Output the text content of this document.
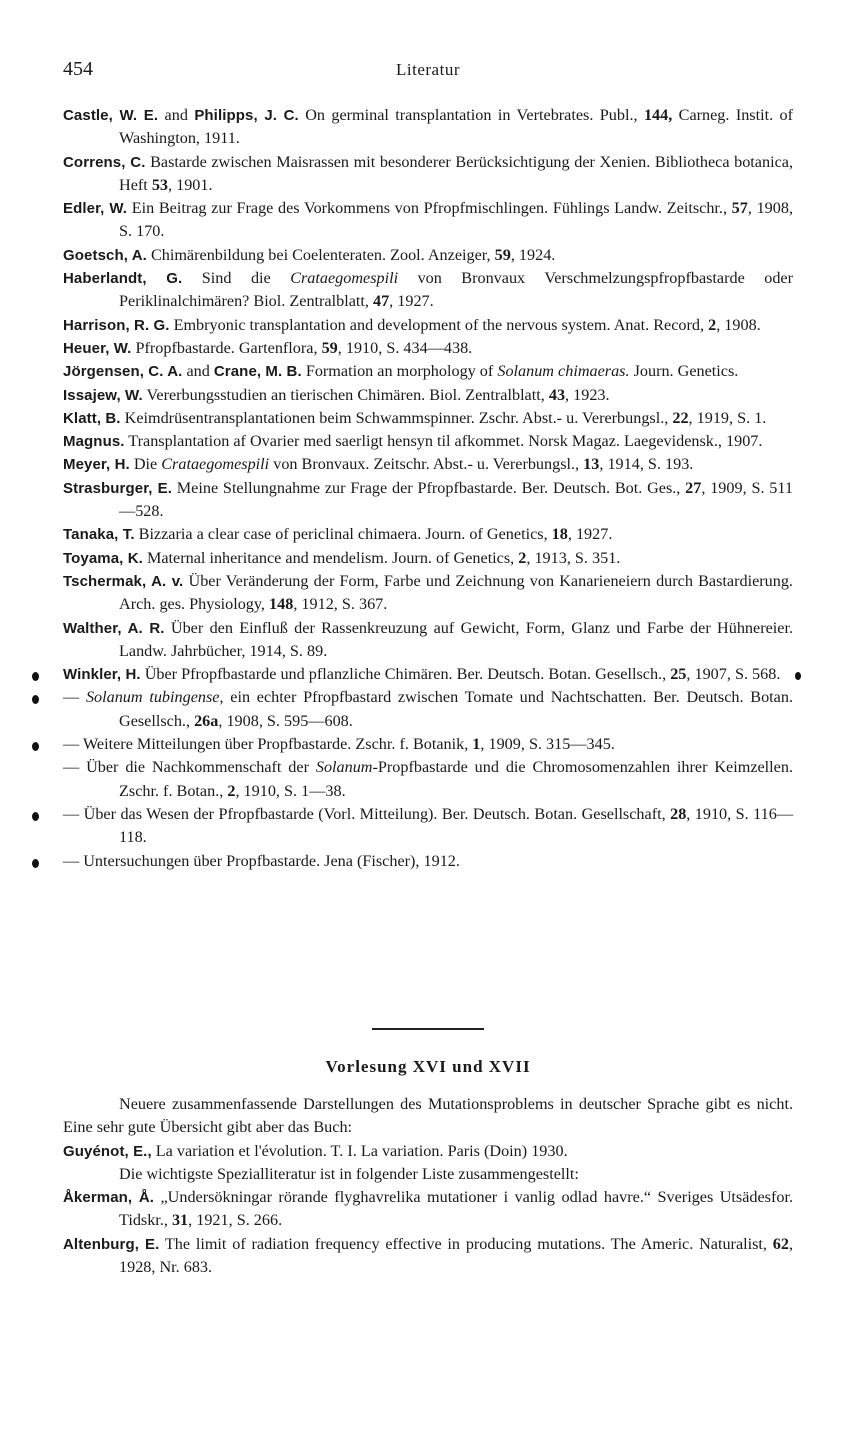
454	Literatur
Castle, W. E. and Philipps, J. C. On germinal transplantation in Vertebrates. Publ., 144, Carneg. Instit. of Washington, 1911.
Correns, C. Bastarde zwischen Maisrassen mit besonderer Berücksichtigung der Xenien. Bibliotheca botanica, Heft 53, 1901.
Edler, W. Ein Beitrag zur Frage des Vorkommens von Pfropfmischlingen. Fühlings Landw. Zeitschr., 57, 1908, S. 170.
Goetsch, A. Chimärenbildung bei Coelenteraten. Zool. Anzeiger, 59, 1924.
Haberlandt, G. Sind die Crataegomespili von Bronvaux Verschmelzungspfropfbastarde oder Periklinalchimären? Biol. Zentralblatt, 47, 1927.
Harrison, R. G. Embryonic transplantation and development of the nervous system. Anat. Record, 2, 1908.
Heuer, W. Pfropfbastarde. Gartenflora, 59, 1910, S. 434—438.
Jörgensen, C. A. and Crane, M. B. Formation an morphology of Solanum chimaeras. Journ. Genetics.
Issajew, W. Vererbungsstudien an tierischen Chimären. Biol. Zentralblatt, 43, 1923.
Klatt, B. Keimdrüsentransplantationen beim Schwammspinner. Zschr. Abst.- u. Vererbungsl., 22, 1919, S. 1.
Magnus. Transplantation af Ovarier med saerligt hensyn til afkommet. Norsk Magaz. Laegevidensk., 1907.
Meyer, H. Die Crataegomespili von Bronvaux. Zeitschr. Abst.- u. Vererbungsl., 13, 1914, S. 193.
Strasburger, E. Meine Stellungnahme zur Frage der Pfropfbastarde. Ber. Deutsch. Bot. Ges., 27, 1909, S. 511—528.
Tanaka, T. Bizzaria a clear case of periclinal chimaera. Journ. of Genetics, 18, 1927.
Toyama, K. Maternal inheritance and mendelism. Journ. of Genetics, 2, 1913, S. 351.
Tschermak, A. v. Über Veränderung der Form, Farbe und Zeichnung von Kanarieneiern durch Bastardierung. Arch. ges. Physiology, 148, 1912, S. 367.
Walther, A. R. Über den Einfluß der Rassenkreuzung auf Gewicht, Form, Glanz und Farbe der Hühnereier. Landw. Jahrbücher, 1914, S. 89.
Winkler, H. Über Pfropfbastarde und pflanzliche Chimären. Ber. Deutsch. Botan. Gesellsch., 25, 1907, S. 568.
— Solanum tubingense, ein echter Pfropfbastard zwischen Tomate und Nachtschatten. Ber. Deutsch. Botan. Gesellsch., 26a, 1908, S. 595—608.
— Weitere Mitteilungen über Propfbastarde. Zschr. f. Botanik, 1, 1909, S. 315—345.
— Über die Nachkommenschaft der Solanum-Propfbastarde und die Chromosomenzahlen ihrer Keimzellen. Zschr. f. Botan., 2, 1910, S. 1—38.
— Über das Wesen der Pfropfbastarde (Vorl. Mitteilung). Ber. Deutsch. Botan. Gesellschaft, 28, 1910, S. 116—118.
— Untersuchungen über Propfbastarde. Jena (Fischer), 1912.
Vorlesung XVI und XVII
Neuere zusammenfassende Darstellungen des Mutationsproblems in deutscher Sprache gibt es nicht. Eine sehr gute Übersicht gibt aber das Buch:
Guyénot, E., La variation et l'évolution. T. I. La variation. Paris (Doin) 1930.
Die wichtigste Spezialliteratur ist in folgender Liste zusammengestellt:
Åkerman, Å. „Undersökningar rörande flyghavrelika mutationer i vanlig odlad havre.“ Sveriges Utsädesfor. Tidskr., 31, 1921, S. 266.
Altenburg, E. The limit of radiation frequency effective in producing mutations. The Americ. Naturalist, 62, 1928, Nr. 683.
